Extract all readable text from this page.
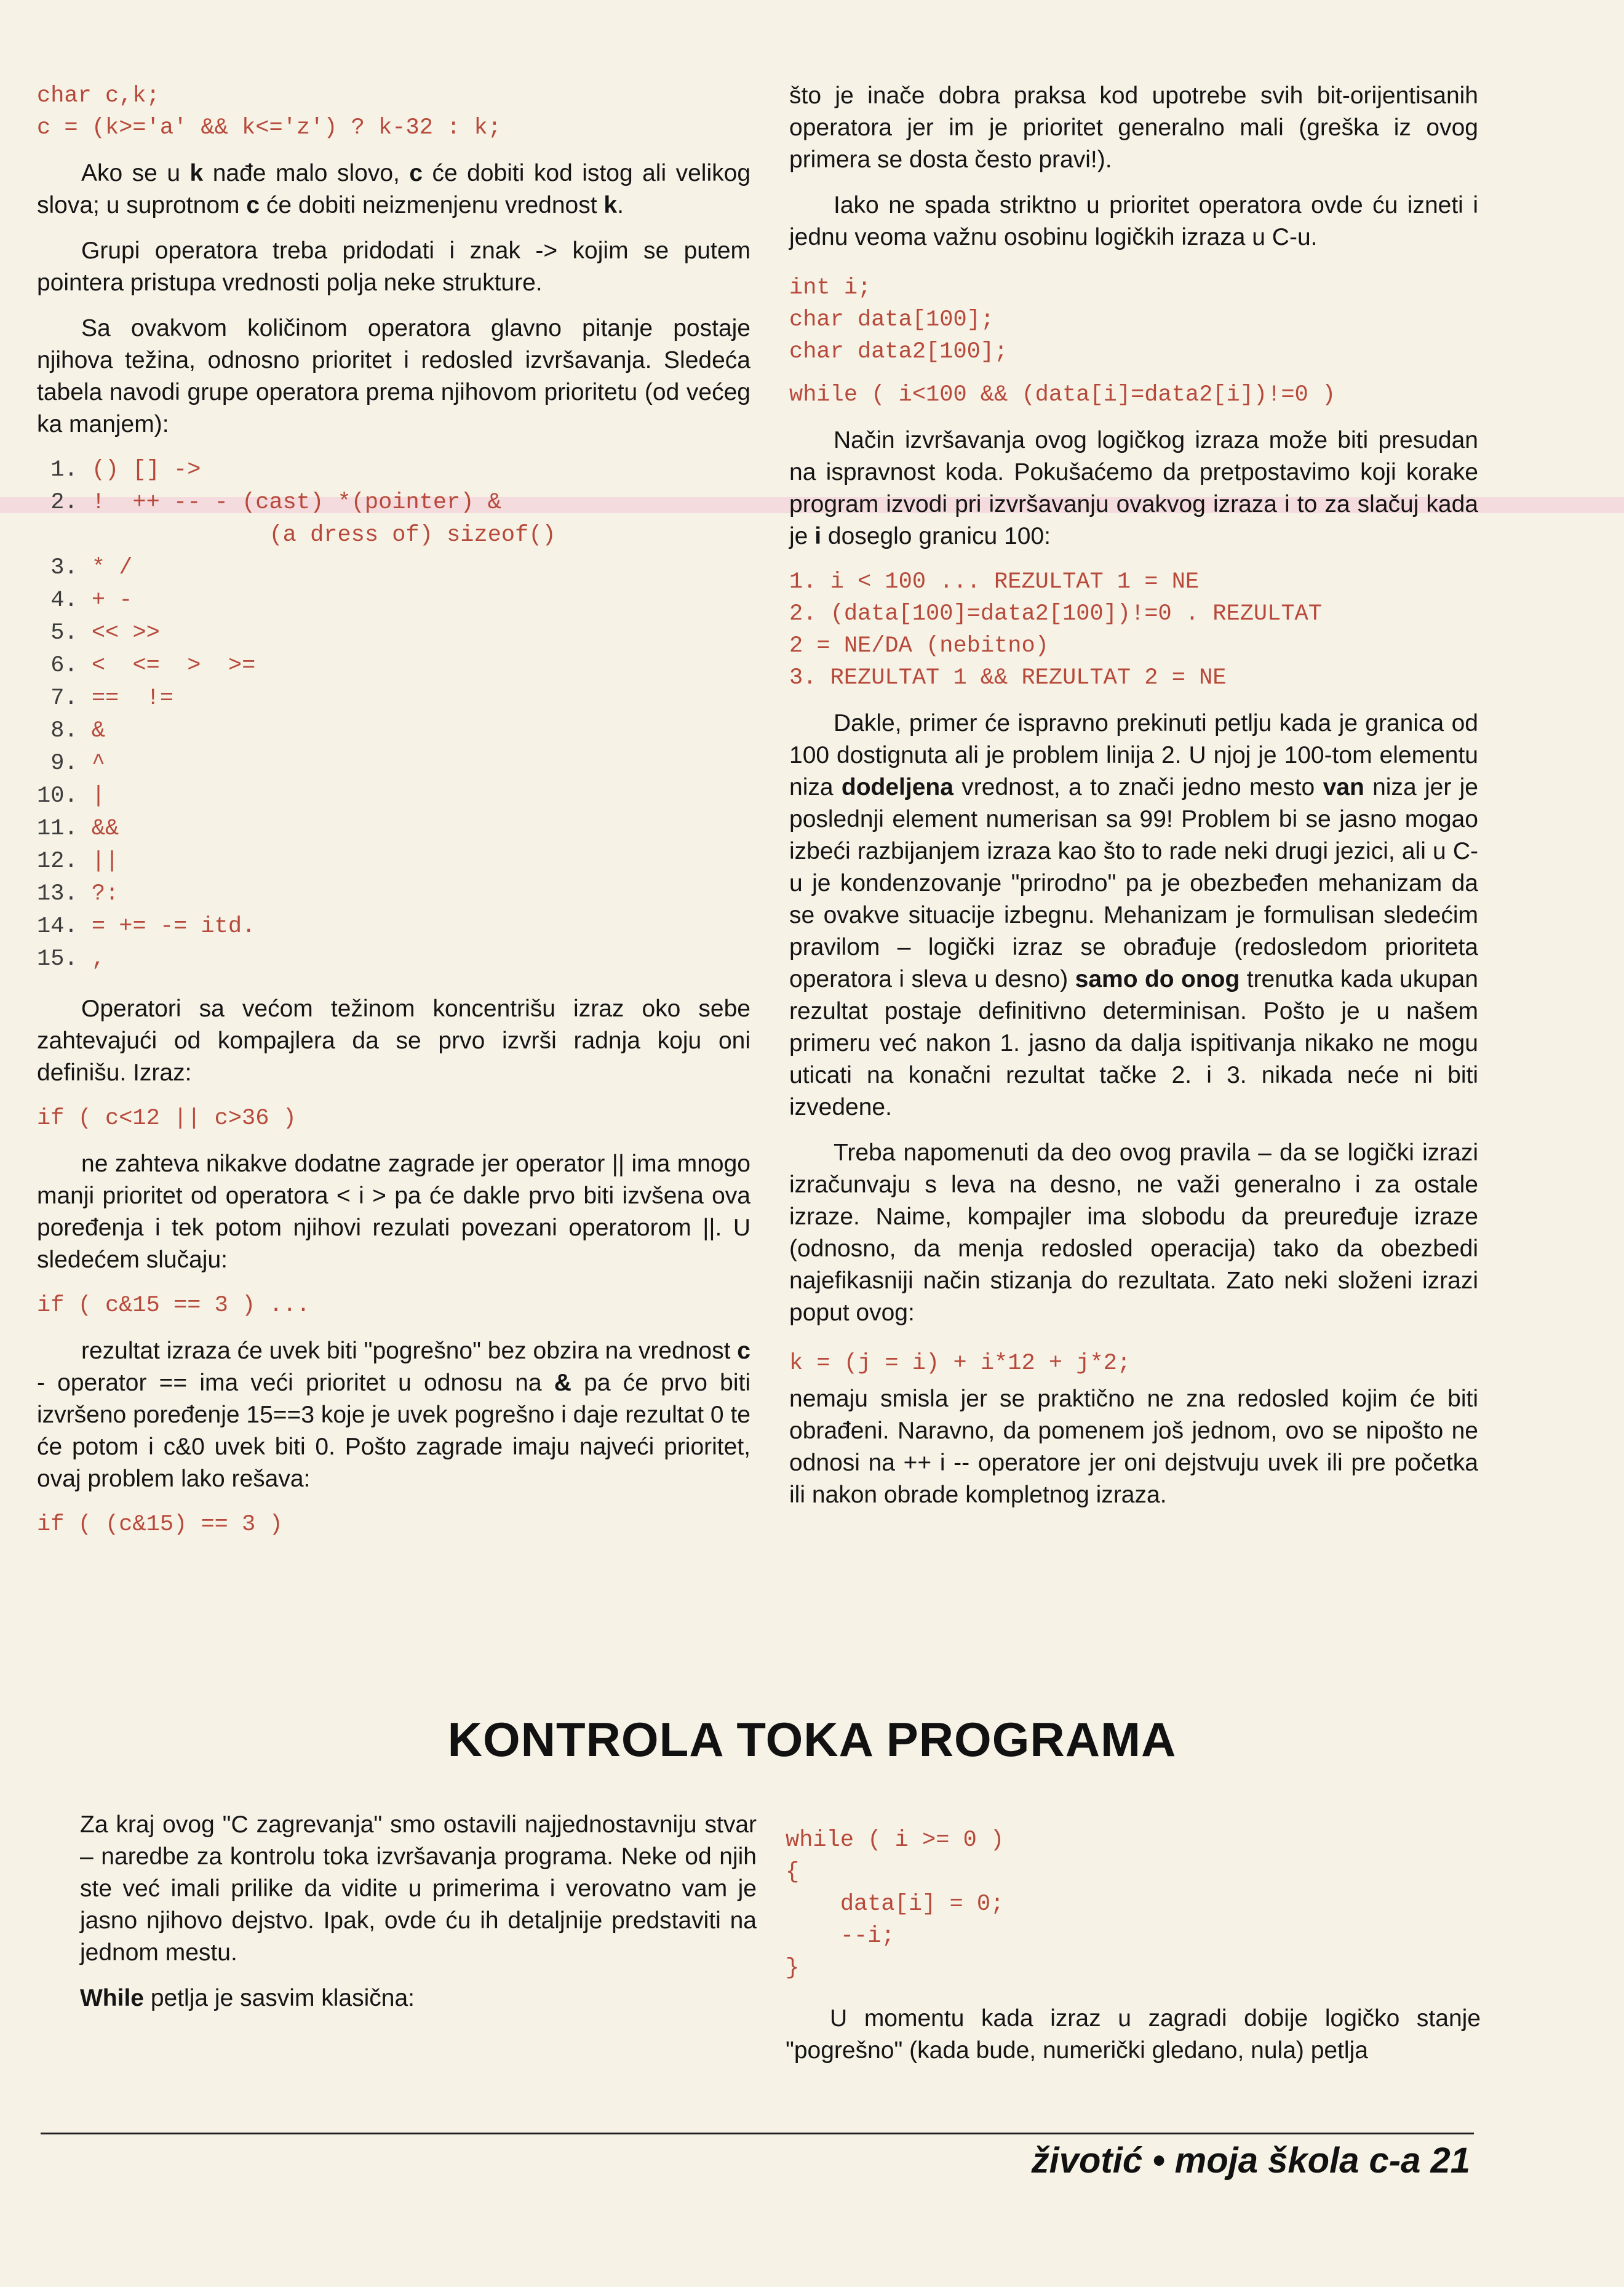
char c,k;
c = (k>='a' && k<='z') ? k-32 : k;

Ako se u k nađe malo slovo, c će dobiti kod istog ali velikog slova; u suprotnom c će dobiti neizmenjenu vrednost k.

Grupi operatora treba pridodati i znak -> kojim se putem pointera pristupa vrednosti polja neke strukture.

Sa ovakvom količinom operatora glavno pitanje postaje njihova težina, odnosno prioritet i redosled izvršavanja. Sledeća tabela navodi grupe operatora prema njihovom prioritetu (od većeg ka manjem):

1. () [] ->
2. !  ++ -- - (cast) *(pointer) &
(a dress of) sizeof()
3. * /
4. + -
5. << >>
6. <  <=  >  >=
7. ==  !=
8. &
9. ^
10. |
11. &&
12. ||
13. ?:
14. = += -= itd.
15. ,

Operatori sa većom težinom koncentrišu izraz oko sebe zahtevajući od kompajlera da se prvo izvrši radnja koju oni definišu. Izraz:

if ( c<12 || c>36 )

ne zahteva nikakve dodatne zagrade jer operator || ima mnogo manji prioritet od operatora < i > pa će dakle prvo biti izvšena ova poređenja i tek potom njihovi rezulati povezani operatorom ||. U sledećem slučaju:

if ( c&15 == 3 ) ...

rezultat izraza će uvek biti "pogrešno" bez obzira na vrednost c - operator == ima veći prioritet u odnosu na & pa će prvo biti izvršeno poređenje 15==3 koje je uvek pogrešno i daje rezultat 0 te će potom i c&0 uvek biti 0. Pošto zagrade imaju najveći prioritet, ovaj problem lako rešava:

if ( (c&15) == 3 )

što je inače dobra praksa kod upotrebe svih bit-orijentisanih operatora jer im je prioritet generalno mali (greška iz ovog primera se dosta često pravi!).

Iako ne spada striktno u prioritet operatora ovde ću izneti i jednu veoma važnu osobinu logičkih izraza u C-u.

int i;
char data[100];
char data2[100];
while ( i<100 && (data[i]=data2[i])!=0 )

Način izvršavanja ovog logičkog izraza može biti presudan na ispravnost koda. Pokušaćemo da pretpostavimo koji korake program izvodi pri izvršavanju ovakvog izraza i to za slačuj kada je i doseglo granicu 100:

1. i < 100 ... REZULTAT 1 = NE
2. (data[100]=data2[100])!=0 . REZULTAT
2 = NE/DA (nebitno)
3. REZULTAT 1 && REZULTAT 2 = NE

Dakle, primer će ispravno prekinuti petlju kada je granica od 100 dostignuta ali je problem linija 2. U njoj je 100-tom elementu niza dodeljena vrednost, a to znači jedno mesto van niza jer je poslednji element numerisan sa 99! Problem bi se jasno mogao izbeći razbijanjem izraza kao što to rade neki drugi jezici, ali u C-u je kondenzovanje "prirodno" pa je obezbeđen mehanizam da se ovakve situacije izbegnu. Mehanizam je formulisan sledećim pravilom – logički izraz se obrađuje (redosledom prioriteta operatora i sleva u desno) samo do onog trenutka kada ukupan rezultat postaje definitivno determinisan. Pošto je u našem primeru već nakon 1. jasno da dalja ispitivanja nikako ne mogu uticati na konačni rezultat tačke 2. i 3. nikada neće ni biti izvedene.

Treba napomenuti da deo ovog pravila – da se logički izrazi izračunvaju s leva na desno, ne važi generalno i za ostale izraze. Naime, kompajler ima slobodu da preuređuje izraze (odnosno, da menja redosled operacija) tako da obezbedi najefikasniji način stizanja do rezultata. Zato neki složeni izrazi poput ovog:

k = (j = i) + i*12 + j*2;

nemaju smisla jer se praktično ne zna redosled kojim će biti obrađeni. Naravno, da pomenem još jednom, ovo se nipošto ne odnosi na ++ i -- operatore jer oni dejstvuju uvek ili pre početka ili nakon obrade kompletnog izraza.

KONTROLA TOKA PROGRAMA

Za kraj ovog "C zagrevanja" smo ostavili najjednostavniju stvar – naredbe za kontrolu toka izvršavanja programa. Neke od njih ste već imali prilike da vidite u primerima i verovatno vam je jasno njihovo dejstvo. Ipak, ovde ću ih detaljnije predstaviti na jednom mestu.

While petlja je sasvim klasična:

while ( i >= 0 )
{
data[i] = 0;
--i;
}

U momentu kada izraz u zagradi dobije logičko stanje "pogrešno" (kada bude, numerički gledano, nula) petlja

životić • moja škola c-a 21
